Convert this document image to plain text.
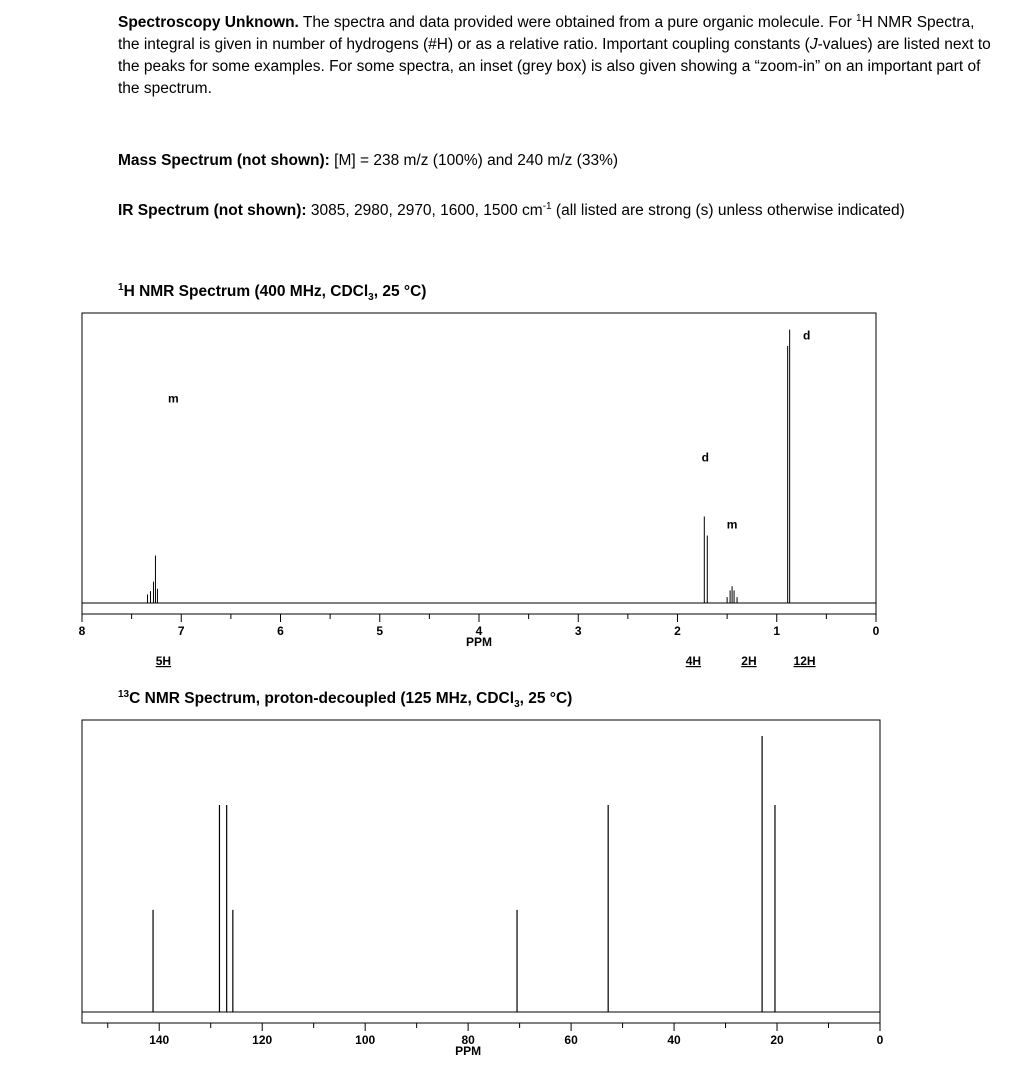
Spectroscopy Unknown. The spectra and data provided were obtained from a pure organic molecule. For $^1$H NMR Spectra, the integral is given in number of hydrogens (#H) or as a relative ratio. Important coupling constants (J-values) are listed next to the peaks for some examples. For some spectra, an inset (grey box) is also given showing a “zoom-in” on an important part of the spectrum.
Mass Spectrum (not shown): [M] = 238 m/z (100%) and 240 m/z (33%)
IR Spectrum (not shown): 3085, 2980, 2970, 1600, 1500 $cm^{-1}$ (all listed are strong (s) unless otherwise indicated)
$^1$H NMR Spectrum (400 MHz, CDCl$_3$, 25 °C)
$^{13}$C NMR Spectrum, proton-decoupled (125 MHz, CDCl$_3$, 25 °C)
8	7	6	5	4	3	2	1	0
PPM
m
d
m
d
5H	4H	2H	12H
140	120	100	80	60	40	20	0
PPM
